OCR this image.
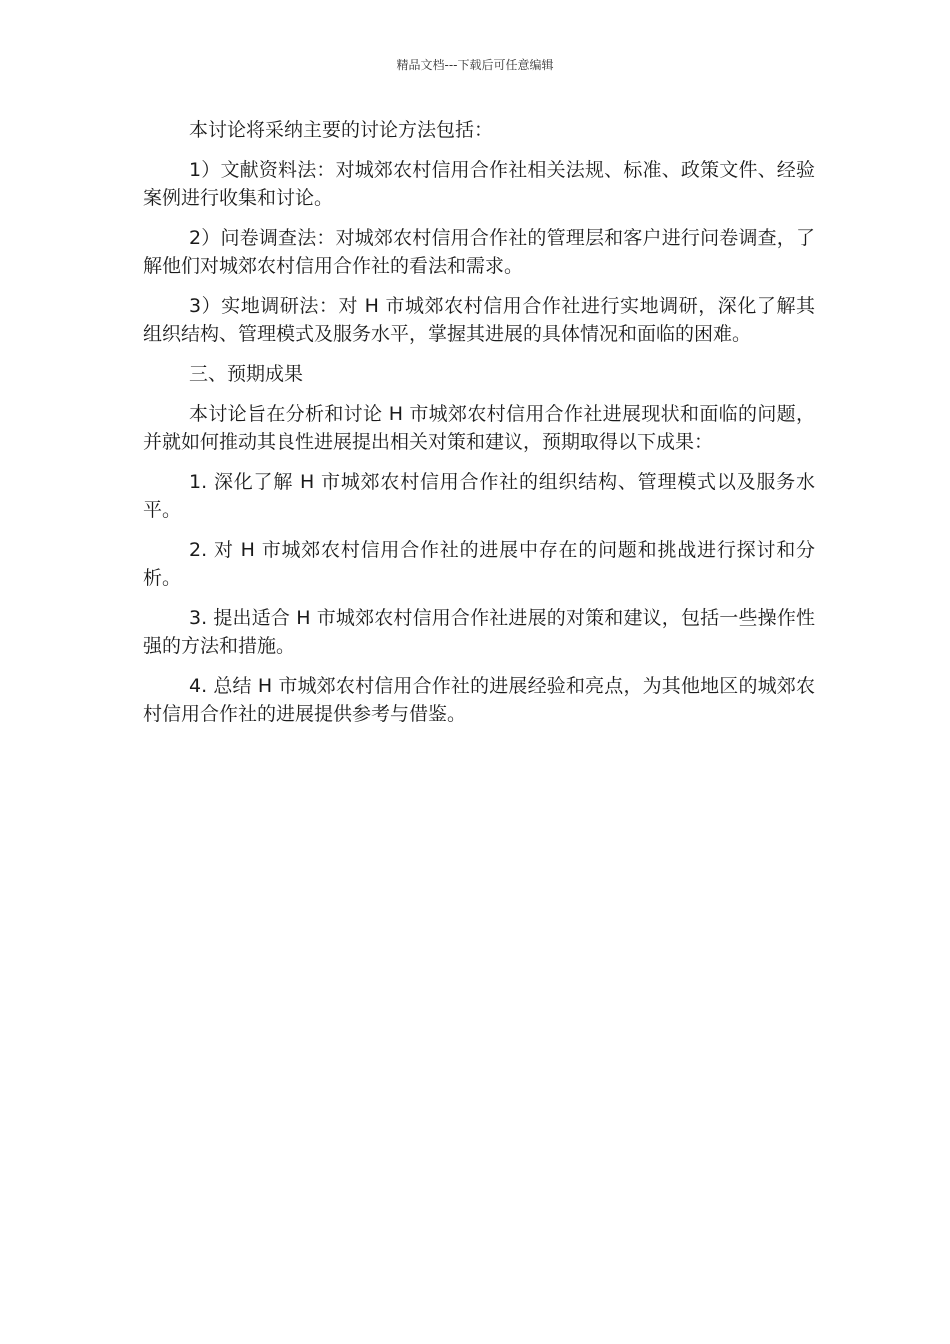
精品文档---下载后可任意编辑

本讨论将采纳主要的讨论方法包括：

1）文献资料法：对城郊农村信用合作社相关法规、标准、政策文件、经验案例进行收集和讨论。

2）问卷调查法：对城郊农村信用合作社的管理层和客户进行问卷调查，了解他们对城郊农村信用合作社的看法和需求。

3）实地调研法：对 H 市城郊农村信用合作社进行实地调研，深化了解其组织结构、管理模式及服务水平，掌握其进展的具体情况和面临的困难。

三、预期成果

本讨论旨在分析和讨论 H 市城郊农村信用合作社进展现状和面临的问题，并就如何推动其良性进展提出相关对策和建议，预期取得以下成果：

1. 深化了解 H 市城郊农村信用合作社的组织结构、管理模式以及服务水平。

2. 对 H 市城郊农村信用合作社的进展中存在的问题和挑战进行探讨和分析。

3. 提出适合 H 市城郊农村信用合作社进展的对策和建议，包括一些操作性强的方法和措施。

4. 总结 H 市城郊农村信用合作社的进展经验和亮点，为其他地区的城郊农村信用合作社的进展提供参考与借鉴。
